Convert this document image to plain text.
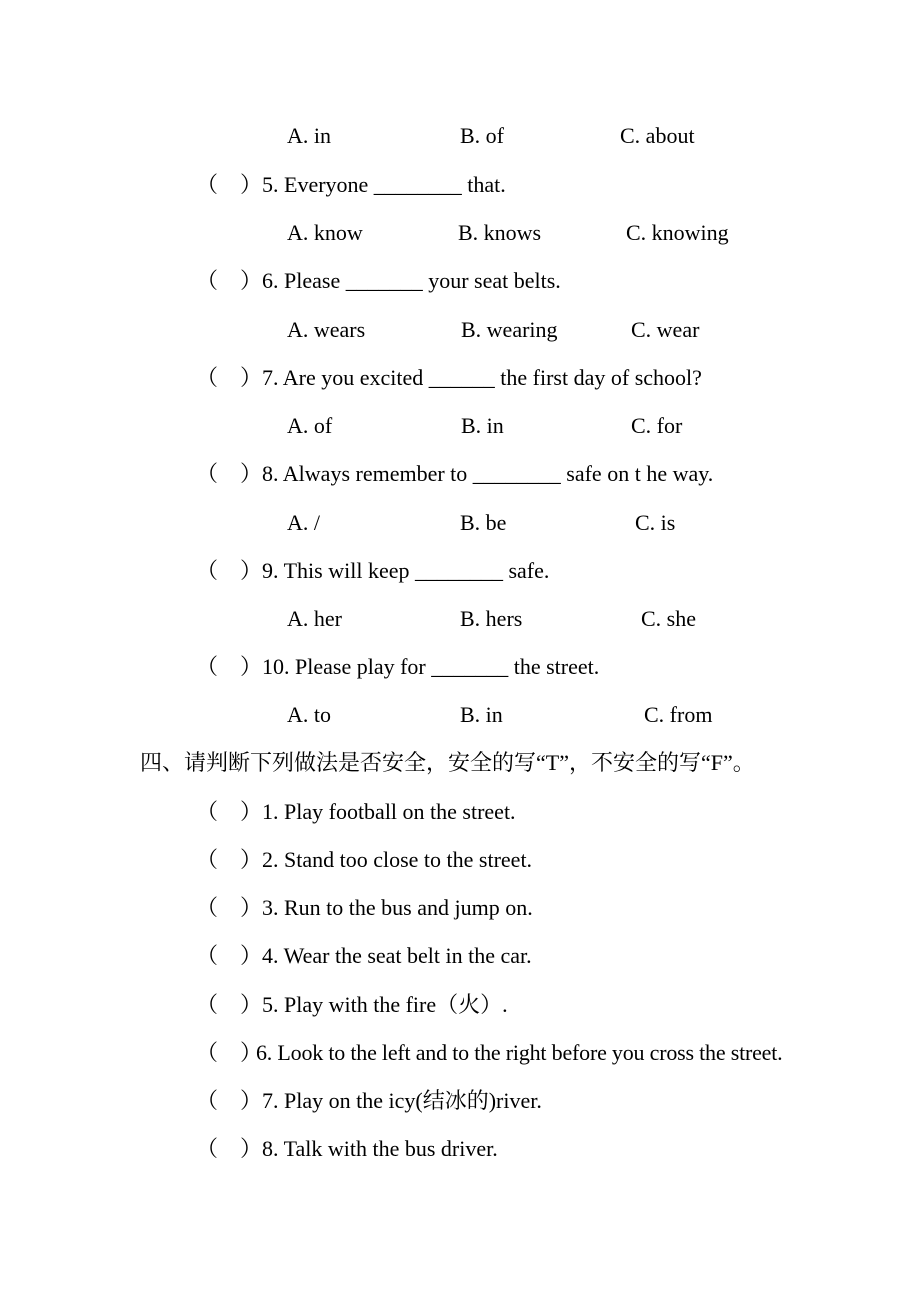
A. in	B. of	C. about
（　） 5. Everyone ________ that.
A. know	B. knows	C. knowing
（　） 6. Please _______ your seat belts.
A. wears	B. wearing	C. wear
（　） 7. Are you excited ______ the first day of school?
A. of	B. in	C. for
（　） 8. Always remember to ________ safe on t he way.
A. /	B. be	C. is
（　） 9. This will keep ________ safe.
A. her	B. hers	C. she
（　） 10. Please play for _______ the street.
A. to	B. in	C. from
四、请判断下列做法是否安全，安全的写“T”，不安全的写“F”。
（　） 1. Play football on the street.
（　） 2. Stand too close to the street.
（　） 3. Run to the bus and jump on.
（　） 4. Wear the seat belt in the car.
（　） 5. Play with the fire（火）.
（　）
6. Look to the left and to the right before you cross the street.
（　） 7. Play on the icy(结冰的)river.
（　） 8. Talk with the bus driver.
